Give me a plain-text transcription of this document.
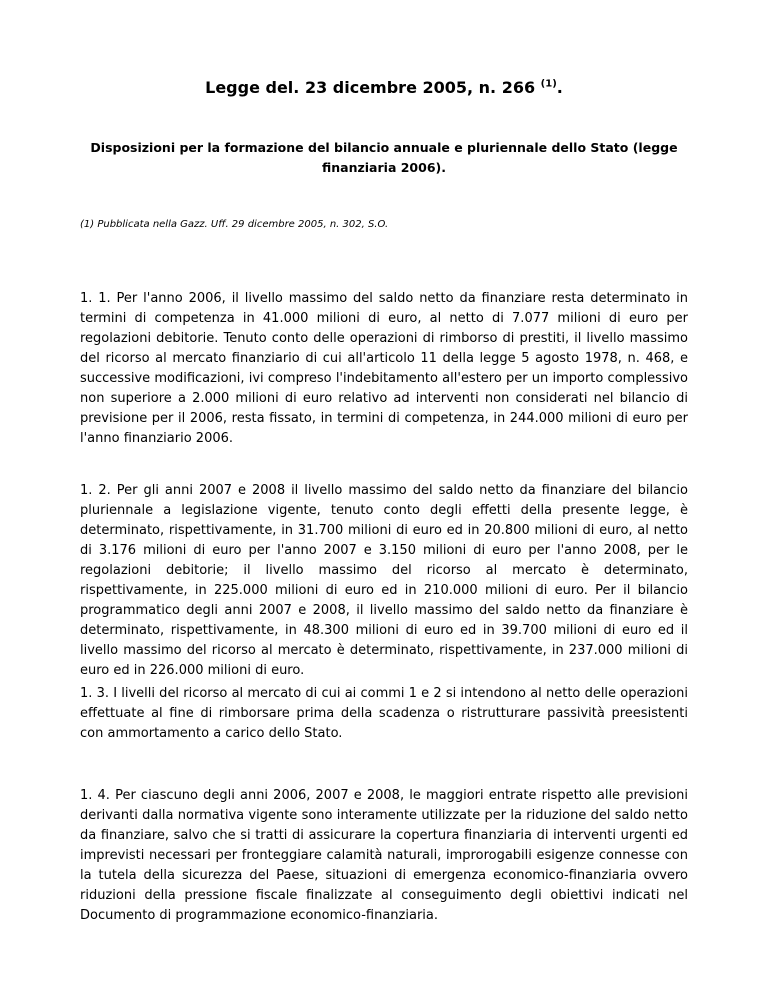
Legge del. 23 dicembre 2005, n. 266 $^{(1)}$.
Disposizioni per la formazione del bilancio annuale e pluriennale dello Stato (legge finanziaria 2006).
(1) Pubblicata nella Gazz. Uff. 29 dicembre 2005, n. 302, S.O.

1. 1. Per l'anno 2006, il livello massimo del saldo netto da finanziare resta determinato in termini di competenza in 41.000 milioni di euro, al netto di 7.077 milioni di euro per regolazioni debitorie. Tenuto conto delle operazioni di rimborso di prestiti, il livello massimo del ricorso al mercato finanziario di cui all'articolo 11 della legge 5 agosto 1978, n. 468, e successive modificazioni, ivi compreso l'indebitamento all'estero per un importo complessivo non superiore a 2.000 milioni di euro relativo ad interventi non considerati nel bilancio di previsione per il 2006, resta fissato, in termini di competenza, in 244.000 milioni di euro per l'anno finanziario 2006.

1. 2. Per gli anni 2007 e 2008 il livello massimo del saldo netto da finanziare del bilancio pluriennale a legislazione vigente, tenuto conto degli effetti della presente legge, è determinato, rispettivamente, in 31.700 milioni di euro ed in 20.800 milioni di euro, al netto di 3.176 milioni di euro per l'anno 2007 e 3.150 milioni di euro per l'anno 2008, per le regolazioni debitorie; il livello massimo del ricorso al mercato è determinato, rispettivamente, in 225.000 milioni di euro ed in 210.000 milioni di euro. Per il bilancio programmatico degli anni 2007 e 2008, il livello massimo del saldo netto da finanziare è determinato, rispettivamente, in 48.300 milioni di euro ed in 39.700 milioni di euro ed il livello massimo del ricorso al mercato è determinato, rispettivamente, in 237.000 milioni di euro ed in 226.000 milioni di euro.

1. 3. I livelli del ricorso al mercato di cui ai commi 1 e 2 si intendono al netto delle operazioni effettuate al fine di rimborsare prima della scadenza o ristrutturare passività preesistenti con ammortamento a carico dello Stato.

1. 4. Per ciascuno degli anni 2006, 2007 e 2008, le maggiori entrate rispetto alle previsioni derivanti dalla normativa vigente sono interamente utilizzate per la riduzione del saldo netto da finanziare, salvo che si tratti di assicurare la copertura finanziaria di interventi urgenti ed imprevisti necessari per fronteggiare calamità naturali, improrogabili esigenze connesse con la tutela della sicurezza del Paese, situazioni di emergenza economico-finanziaria ovvero riduzioni della pressione fiscale finalizzate al conseguimento degli obiettivi indicati nel Documento di programmazione economico-finanziaria.
